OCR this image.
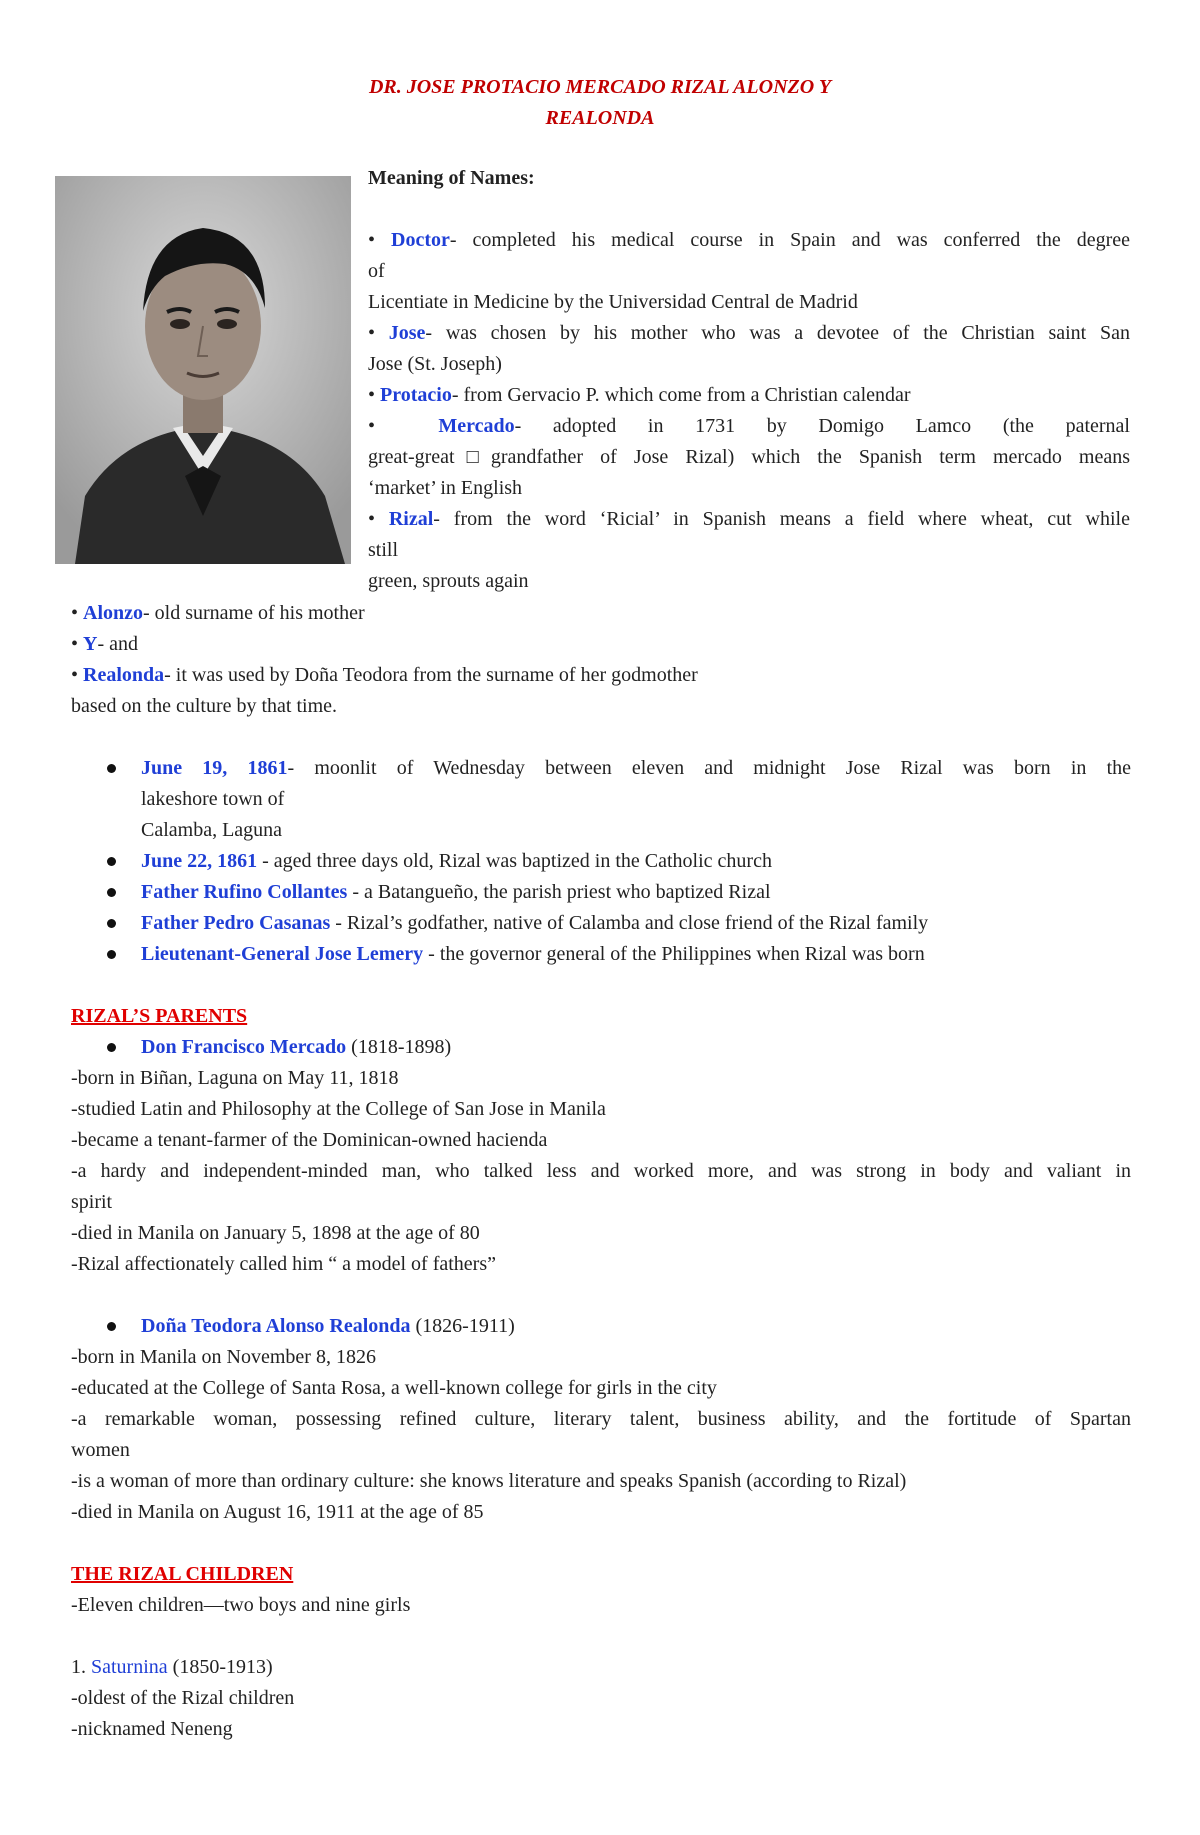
DR. JOSE PROTACIO MERCADO RIZAL ALONZO Y
REALONDA

Meaning of Names:

• Doctor- completed his medical course in Spain and was conferred the degree

of

Licentiate in Medicine by the Universidad Central de Madrid

• Jose- was chosen by his mother who was a devotee of the Christian saint San

Jose (St. Joseph)

• Protacio- from Gervacio P. which come from a Christian calendar

•  Mercado- adopted in 1731 by Domigo Lamco (the paternal

great-great□grandfather of Jose Rizal) which the Spanish term mercado means

‘market’ in English

• Rizal- from the word ‘Ricial’ in Spanish means a field where wheat, cut while

still

green, sprouts again

• Alonzo- old surname of his mother

• Y- and

• Realonda- it was used by Doña Teodora from the surname of her godmother

based on the culture by that time.

June 19, 1861- moonlit of Wednesday between eleven and midnight Jose Rizal was born in the
lakeshore town of
Calamba, Laguna
June 22, 1861 - aged three days old, Rizal was baptized in the Catholic church
Father Rufino Collantes - a Batangueño, the parish priest who baptized Rizal
Father Pedro Casanas - Rizal’s godfather, native of Calamba and close friend of the Rizal family
Lieutenant-General Jose Lemery - the governor general of the Philippines when Rizal was born

RIZAL’S PARENTS

Don Francisco Mercado (1818-1898)

-born in Biñan, Laguna on May 11, 1818

-studied Latin and Philosophy at the College of San Jose in Manila

-became a tenant-farmer of the Dominican-owned hacienda

-a hardy and independent-minded man, who talked less and worked more, and was strong in body and valiant in

spirit

-died in Manila on January 5, 1898 at the age of 80

-Rizal affectionately called him “ a model of fathers”

Doña Teodora Alonso Realonda (1826-1911)

-born in Manila on November 8, 1826

-educated at the College of Santa Rosa, a well-known college for girls in the city

-a remarkable woman, possessing refined culture, literary talent, business ability, and the fortitude of Spartan

women

-is a woman of more than ordinary culture: she knows literature and speaks Spanish (according to Rizal)

-died in Manila on August 16, 1911 at the age of 85

THE RIZAL CHILDREN

-Eleven children—two boys and nine girls

1. Saturnina (1850-1913)

-oldest of the Rizal children

-nicknamed Neneng
